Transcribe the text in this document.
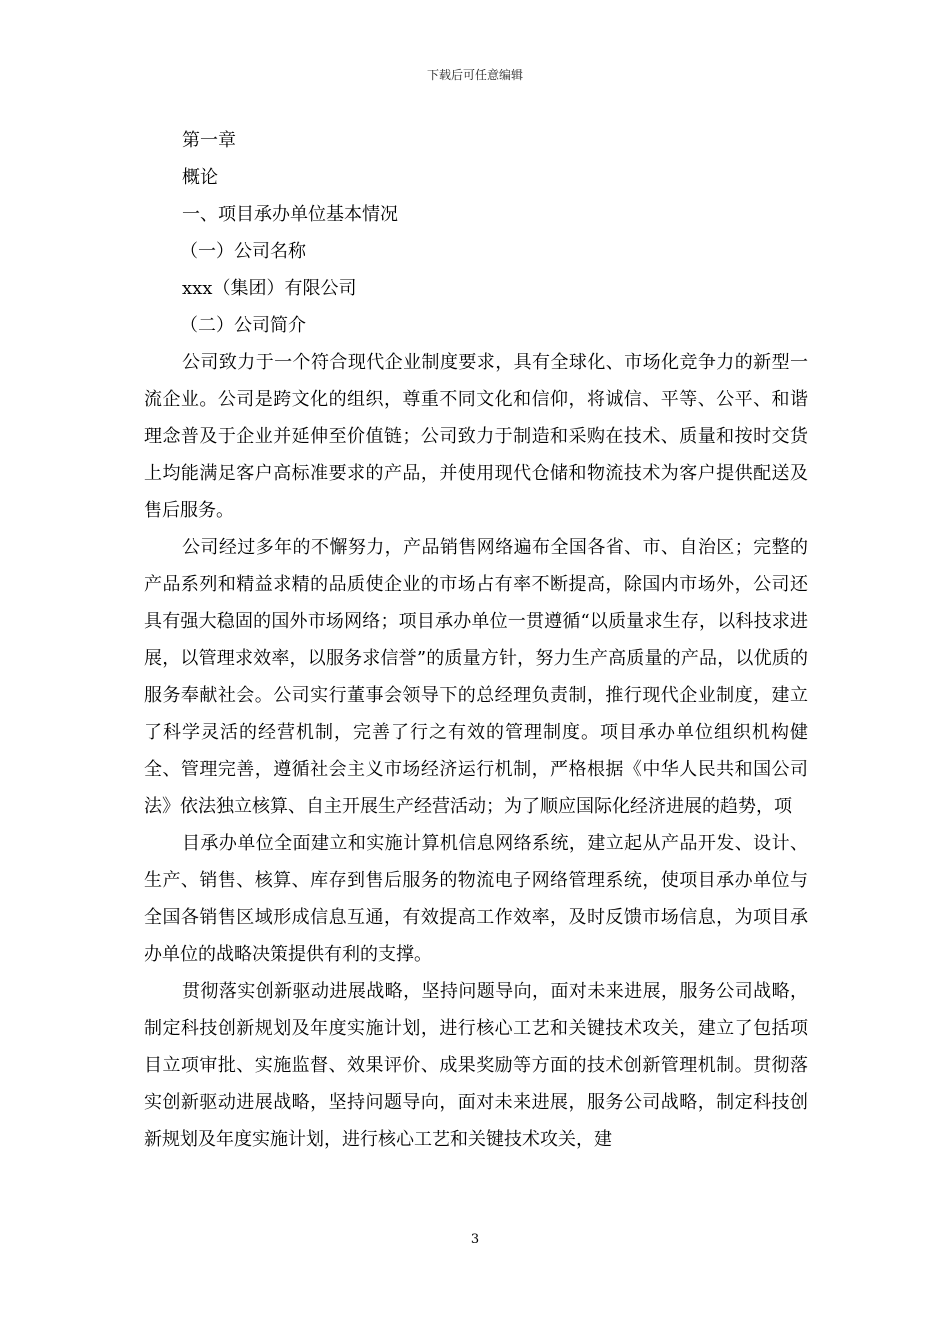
下载后可任意编辑
第一章
概论
一、项目承办单位基本情况
（一）公司名称
xxx（集团）有限公司
（二）公司简介

公司致力于一个符合现代企业制度要求，具有全球化、市场化竞争力的新型一流企业。公司是跨文化的组织，尊重不同文化和信仰，将诚信、平等、公平、和谐理念普及于企业并延伸至价值链；公司致力于制造和采购在技术、质量和按时交货上均能满足客户高标准要求的产品，并使用现代仓储和物流技术为客户提供配送及售后服务。

公司经过多年的不懈努力，产品销售网络遍布全国各省、市、自治区；完整的产品系列和精益求精的品质使企业的市场占有率不断提高，除国内市场外，公司还具有强大稳固的国外市场网络；项目承办单位一贯遵循“以质量求生存，以科技求进展，以管理求效率，以服务求信誉”的质量方针，努力生产高质量的产品，以优质的服务奉献社会。公司实行董事会领导下的总经理负责制，推行现代企业制度，建立了科学灵活的经营机制，完善了行之有效的管理制度。项目承办单位组织机构健全、管理完善，遵循社会主义市场经济运行机制，严格根据《中华人民共和国公司法》依法独立核算、自主开展生产经营活动；为了顺应国际化经济进展的趋势，项

目承办单位全面建立和实施计算机信息网络系统，建立起从产品开发、设计、生产、销售、核算、库存到售后服务的物流电子网络管理系统，使项目承办单位与全国各销售区域形成信息互通，有效提高工作效率，及时反馈市场信息，为项目承办单位的战略决策提供有利的支撑。

贯彻落实创新驱动进展战略，坚持问题导向，面对未来进展，服务公司战略，制定科技创新规划及年度实施计划，进行核心工艺和关键技术攻关，建立了包括项目立项审批、实施监督、效果评价、成果奖励等方面的技术创新管理机制。贯彻落实创新驱动进展战略，坚持问题导向，面对未来进展，服务公司战略，制定科技创新规划及年度实施计划，进行核心工艺和关键技术攻关，建

3
